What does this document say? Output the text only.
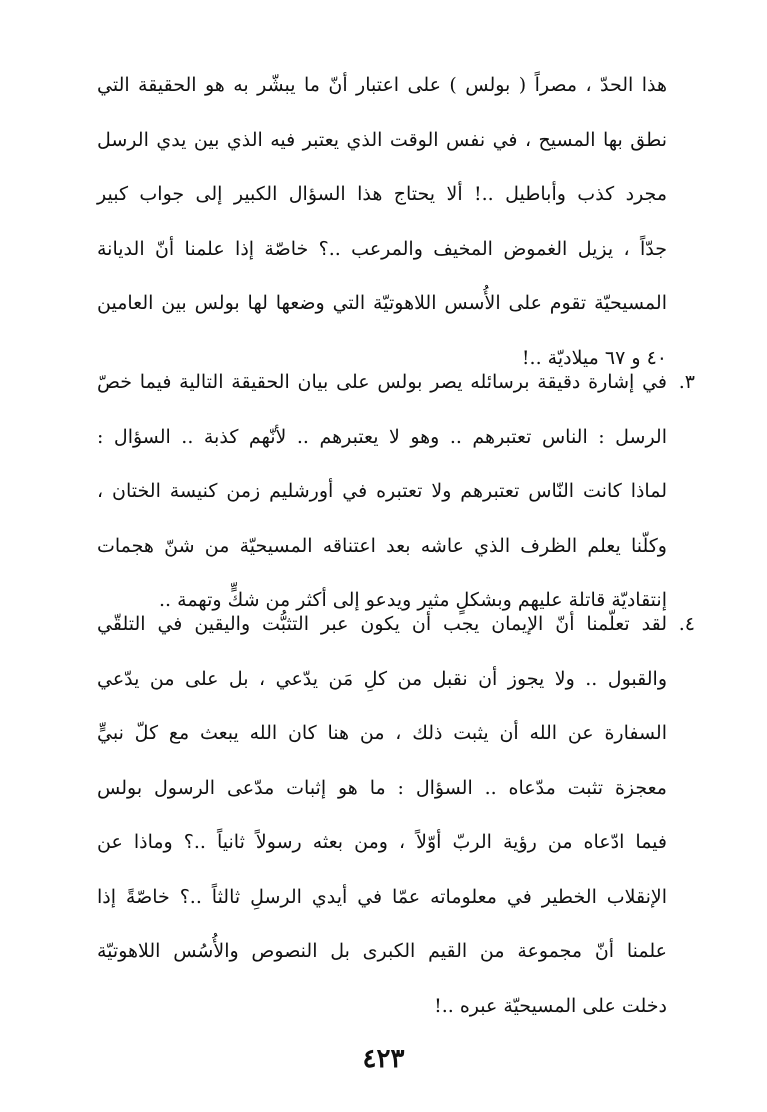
هذا الحدّ ، مصراً ( بولس ) على اعتبار أنّ ما يبشّر به هو الحقيقة التي
نطق بها المسيح ، في نفس الوقت الذي يعتبر فيه الذي بين يدي الرسل
مجرد كذب وأباطيل ..! ألا يحتاج هذا السؤال الكبير إلى جواب كبير
جدّاً ، يزيل الغموض المخيف والمرعب ..؟ خاصّة إذا علمنا أنّ الديانة
المسيحيّة تقوم على الأُسس اللاهوتيّة التي وضعها لها بولس بين العامين
٤٠ و ٦٧ ميلاديّة ..!
٣.
في إشارة دقيقة برسائله يصر بولس على بيان الحقيقة التالية فيما خصّ
الرسل : الناس تعتبرهم .. وهو لا يعتبرهم .. لأنّهم كذبة .. السؤال :
لماذا كانت النّاس تعتبرهم ولا تعتبره في أورشليم زمن كنيسة الختان ،
وكلّنا يعلم الظرف الذي عاشه بعد اعتناقه المسيحيّة من شنّ هجمات
إنتقاديّة قاتلة عليهم وبشكلٍ مثير ويدعو إلى أكثر من شكٍّ وتهمة ..
٤.
لقد تعلّمنا أنّ الإيمان يجب أن يكون عبر التثبُّت واليقين في التلقّي
والقبول .. ولا يجوز أن نقبل من كلِ مَن يدّعي ، بل على من يدّعي
السفارة عن الله أن يثبت ذلك ، من هنا كان الله يبعث مع كلّ نبيٍّ
معجزة تثبت مدّعاه .. السؤال : ما هو إثبات مدّعى الرسول بولس
فيما ادّعاه من رؤية الربّ أوّلاً ، ومن بعثه رسولاً ثانياً ..؟ وماذا عن
الإنقلاب الخطير في معلوماته عمّا في أيدي الرسلِ ثالثاً ..؟ خاصّةً إذا
علمنا أنّ مجموعة من القيم الكبرى بل النصوص والأُسُس اللاهوتيّة
دخلت على المسيحيّة عبره ..!
٤٢٣
